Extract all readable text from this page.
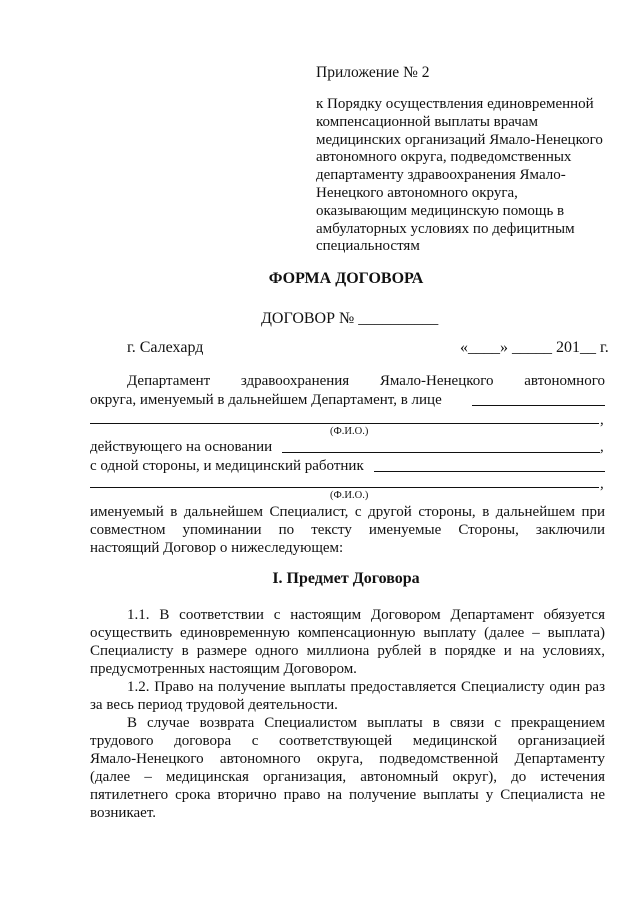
Приложение № 2
к Порядку осуществления единовременной
компенсационной выплаты врачам
медицинских организаций Ямало-Ненецкого
автономного округа, подведомственных
департаменту здравоохранения Ямало-
Ненецкого автономного округа,
оказывающим медицинскую помощь в
амбулаторных условиях по дефицитным
специальностям
ФОРМА ДОГОВОРА
ДОГОВОР № __________
г. Салехард	«____» _____ 201__ г.
Департамент здравоохранения Ямало-Ненецкого автономного
округа, именуемый в дальнейшем Департамент, в лице
,
(Ф.И.О.)
действующего на основании	,
с одной стороны, и медицинский работник
,
(Ф.И.О.)
именуемый в дальнейшем Специалист, с другой стороны, в дальнейшем при
совместном упоминании по тексту именуемые Стороны, заключили
настоящий Договор о нижеследующем:
I. Предмет Договора
1.1. В соответствии с настоящим Договором Департамент обязуется
осуществить единовременную компенсационную выплату (далее – выплата)
Специалисту в размере одного миллиона рублей в порядке и на условиях,
предусмотренных настоящим Договором.
1.2. Право на получение выплаты предоставляется Специалисту один раз
за весь период трудовой деятельности.
В случае возврата Специалистом выплаты в связи с прекращением
трудового договора с соответствующей медицинской организацией
Ямало-Ненецкого автономного округа, подведомственной Департаменту
(далее – медицинская организация, автономный округ), до истечения
пятилетнего срока вторично право на получение выплаты у Специалиста не
возникает.
